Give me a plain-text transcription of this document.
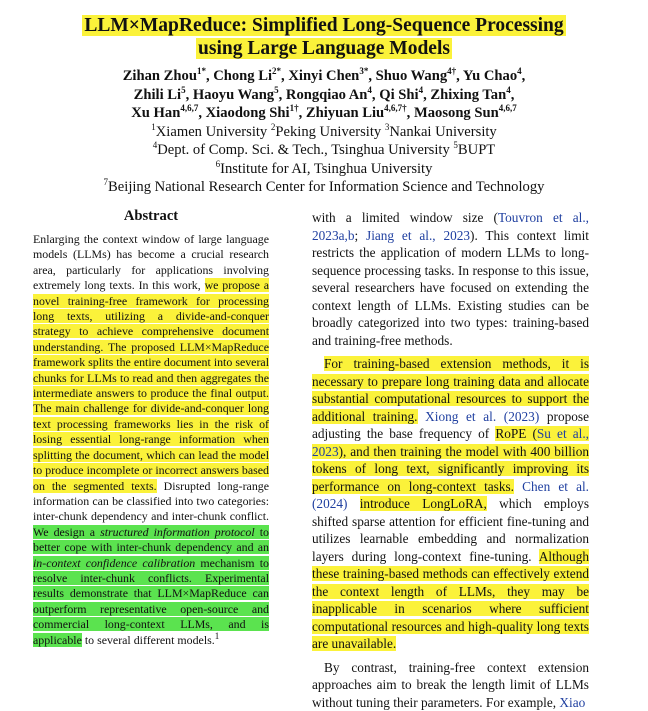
LLM×MapReduce: Simplified Long-Sequence Processing
using Large Language Models
Zihan Zhou$^{1*}$, Chong $Li^{2*}$, Xinyi Chen$^{3*}$, Shuo Wang$^{4\dagger}$, Yu Chao$^4$,
Zhili Li$^5$, Haoyu Wang$^5$, Rongqiao An$^4$, Qi Shi$^4$, Zhixing Tan$^4$,
Xu Han$^{4,6,7}$, Xiaodong Shi$^{1\dagger}$, Zhiyuan Liu$^{4,6,7\dagger}$, Maosong Sun$^{4,6,7}$
$^1$Xiamen University $^2$Peking University $^3$Nankai University
$^4$Dept. of Comp. Sci. & Tech., Tsinghua University $^5$BUPT
$^6$Institute for AI, Tsinghua University
$^7$Beijing National Research Center for Information Science and Technology
Abstract
Enlarging the context window of large language models (LLMs) has become a crucial research area, particularly for applications involving extremely long texts. In this work, we propose a novel training-free framework for processing long texts, utilizing a divide-and-conquer strategy to achieve comprehensive document understanding. The proposed LLM×MapReduce framework splits the entire document into several chunks for LLMs to read and then aggregates the intermediate answers to produce the final output. The main challenge for divide-and-conquer long text processing frameworks lies in the risk of losing essential long-range information when splitting the document, which can lead the model to produce incomplete or incorrect answers based on the segmented texts. Disrupted long-range information can be classified into two categories: inter-chunk dependency and inter-chunk conflict. We design a structured information protocol to better cope with inter-chunk dependency and an in-context confidence calibration mechanism to resolve inter-chunk conflicts. Experimental results demonstrate that LLM×MapReduce can outperform representative open-source and commercial long-context LLMs, and is applicable to several different models.$^1$

with a limited window size (Touvron et al., 2023a,b; Jiang et al., 2023). This context limit restricts the application of modern LLMs to long-sequence processing tasks. In response to this issue, several researchers have focused on extending the context length of LLMs. Existing studies can be broadly categorized into two types: training-based and training-free methods.

For training-based extension methods, it is necessary to prepare long training data and allocate substantial computational resources to support the additional training. Xiong et al. (2023) propose adjusting the base frequency of RoPE (Su et al., 2023), and then training the model with 400 billion tokens of long text, significantly improving its performance on long-context tasks. Chen et al. (2024) introduce LongLoRA, which employs shifted sparse attention for efficient fine-tuning and utilizes learnable embedding and normalization layers during long-context fine-tuning. Although these training-based methods can effectively extend the context length of LLMs, they may be inapplicable in scenarios where sufficient computational resources and high-quality long texts are unavailable.

By contrast, training-free context extension approaches aim to break the length limit of LLMs without tuning their parameters. For example, Xiao
